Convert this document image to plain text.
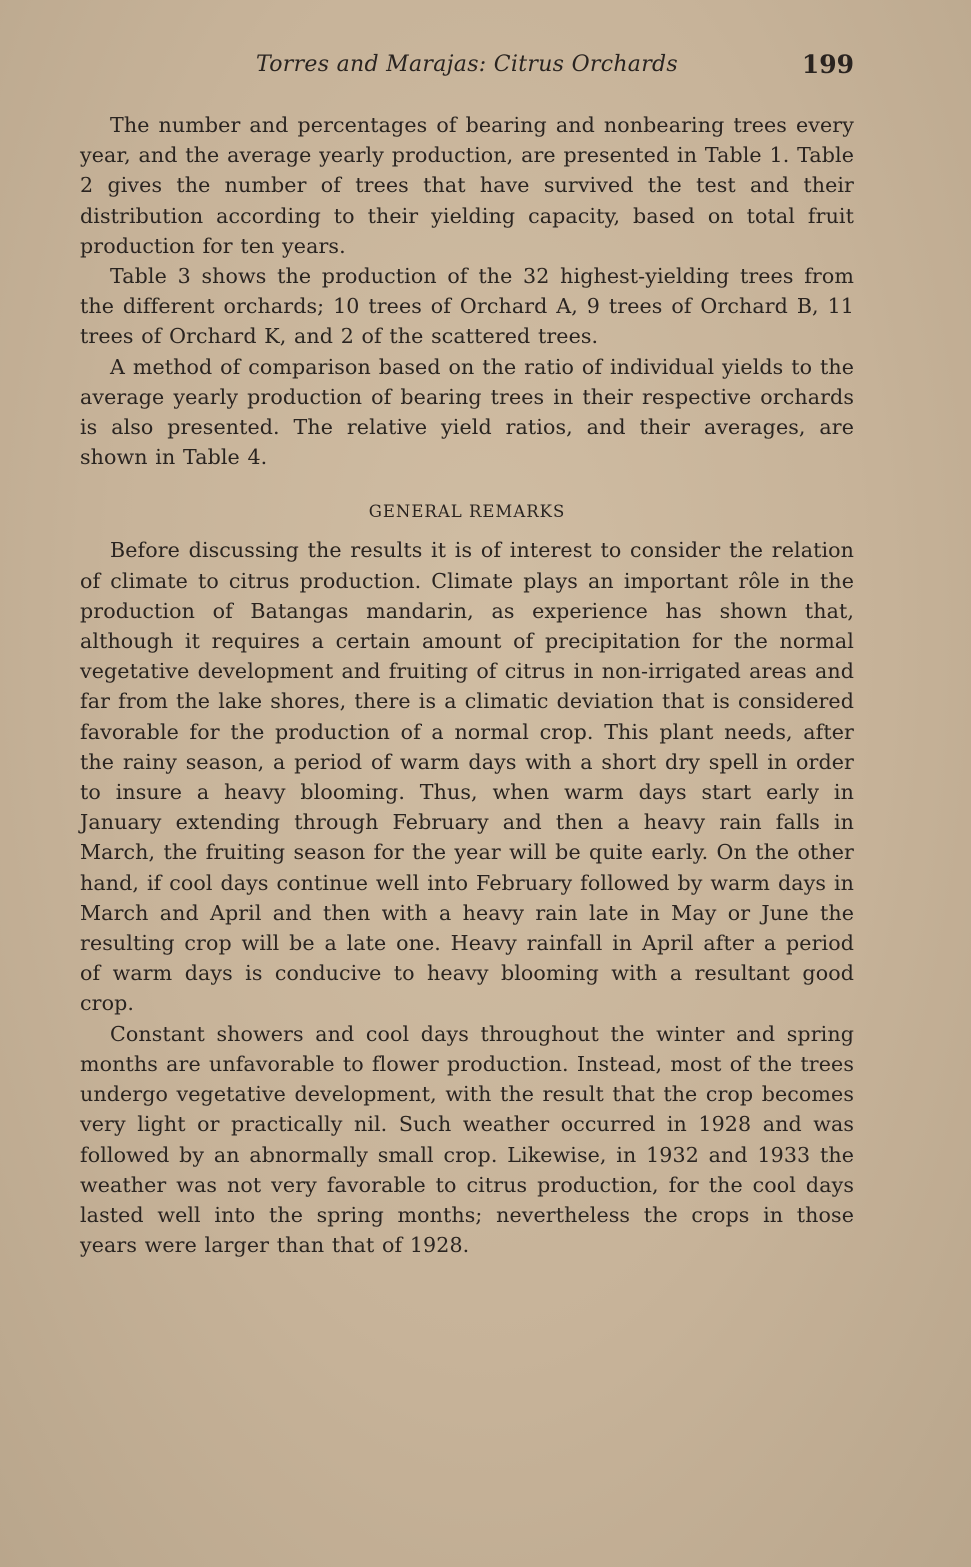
Torres and Marajas: Citrus Orchards	199

The number and percentages of bearing and nonbearing trees every year, and the average yearly production, are presented in Table 1. Table 2 gives the number of trees that have survived the test and their distribution according to their yielding capacity, based on total fruit production for ten years.

Table 3 shows the production of the 32 highest-yielding trees from the different orchards; 10 trees of Orchard A, 9 trees of Orchard B, 11 trees of Orchard K, and 2 of the scattered trees.

A method of comparison based on the ratio of individual yields to the average yearly production of bearing trees in their respective orchards is also presented. The relative yield ratios, and their averages, are shown in Table 4.

GENERAL REMARKS

Before discussing the results it is of interest to consider the relation of climate to citrus production. Climate plays an important rôle in the production of Batangas mandarin, as experience has shown that, although it requires a certain amount of precipitation for the normal vegetative development and fruiting of citrus in non-irrigated areas and far from the lake shores, there is a climatic deviation that is considered favorable for the production of a normal crop. This plant needs, after the rainy season, a period of warm days with a short dry spell in order to insure a heavy blooming. Thus, when warm days start early in January extending through February and then a heavy rain falls in March, the fruiting season for the year will be quite early. On the other hand, if cool days continue well into February followed by warm days in March and April and then with a heavy rain late in May or June the resulting crop will be a late one. Heavy rainfall in April after a period of warm days is conducive to heavy blooming with a resultant good crop.

Constant showers and cool days throughout the winter and spring months are unfavorable to flower production. Instead, most of the trees undergo vegetative development, with the result that the crop becomes very light or practically nil. Such weather occurred in 1928 and was followed by an abnormally small crop. Likewise, in 1932 and 1933 the weather was not very favorable to citrus production, for the cool days lasted well into the spring months; nevertheless the crops in those years were larger than that of 1928.
